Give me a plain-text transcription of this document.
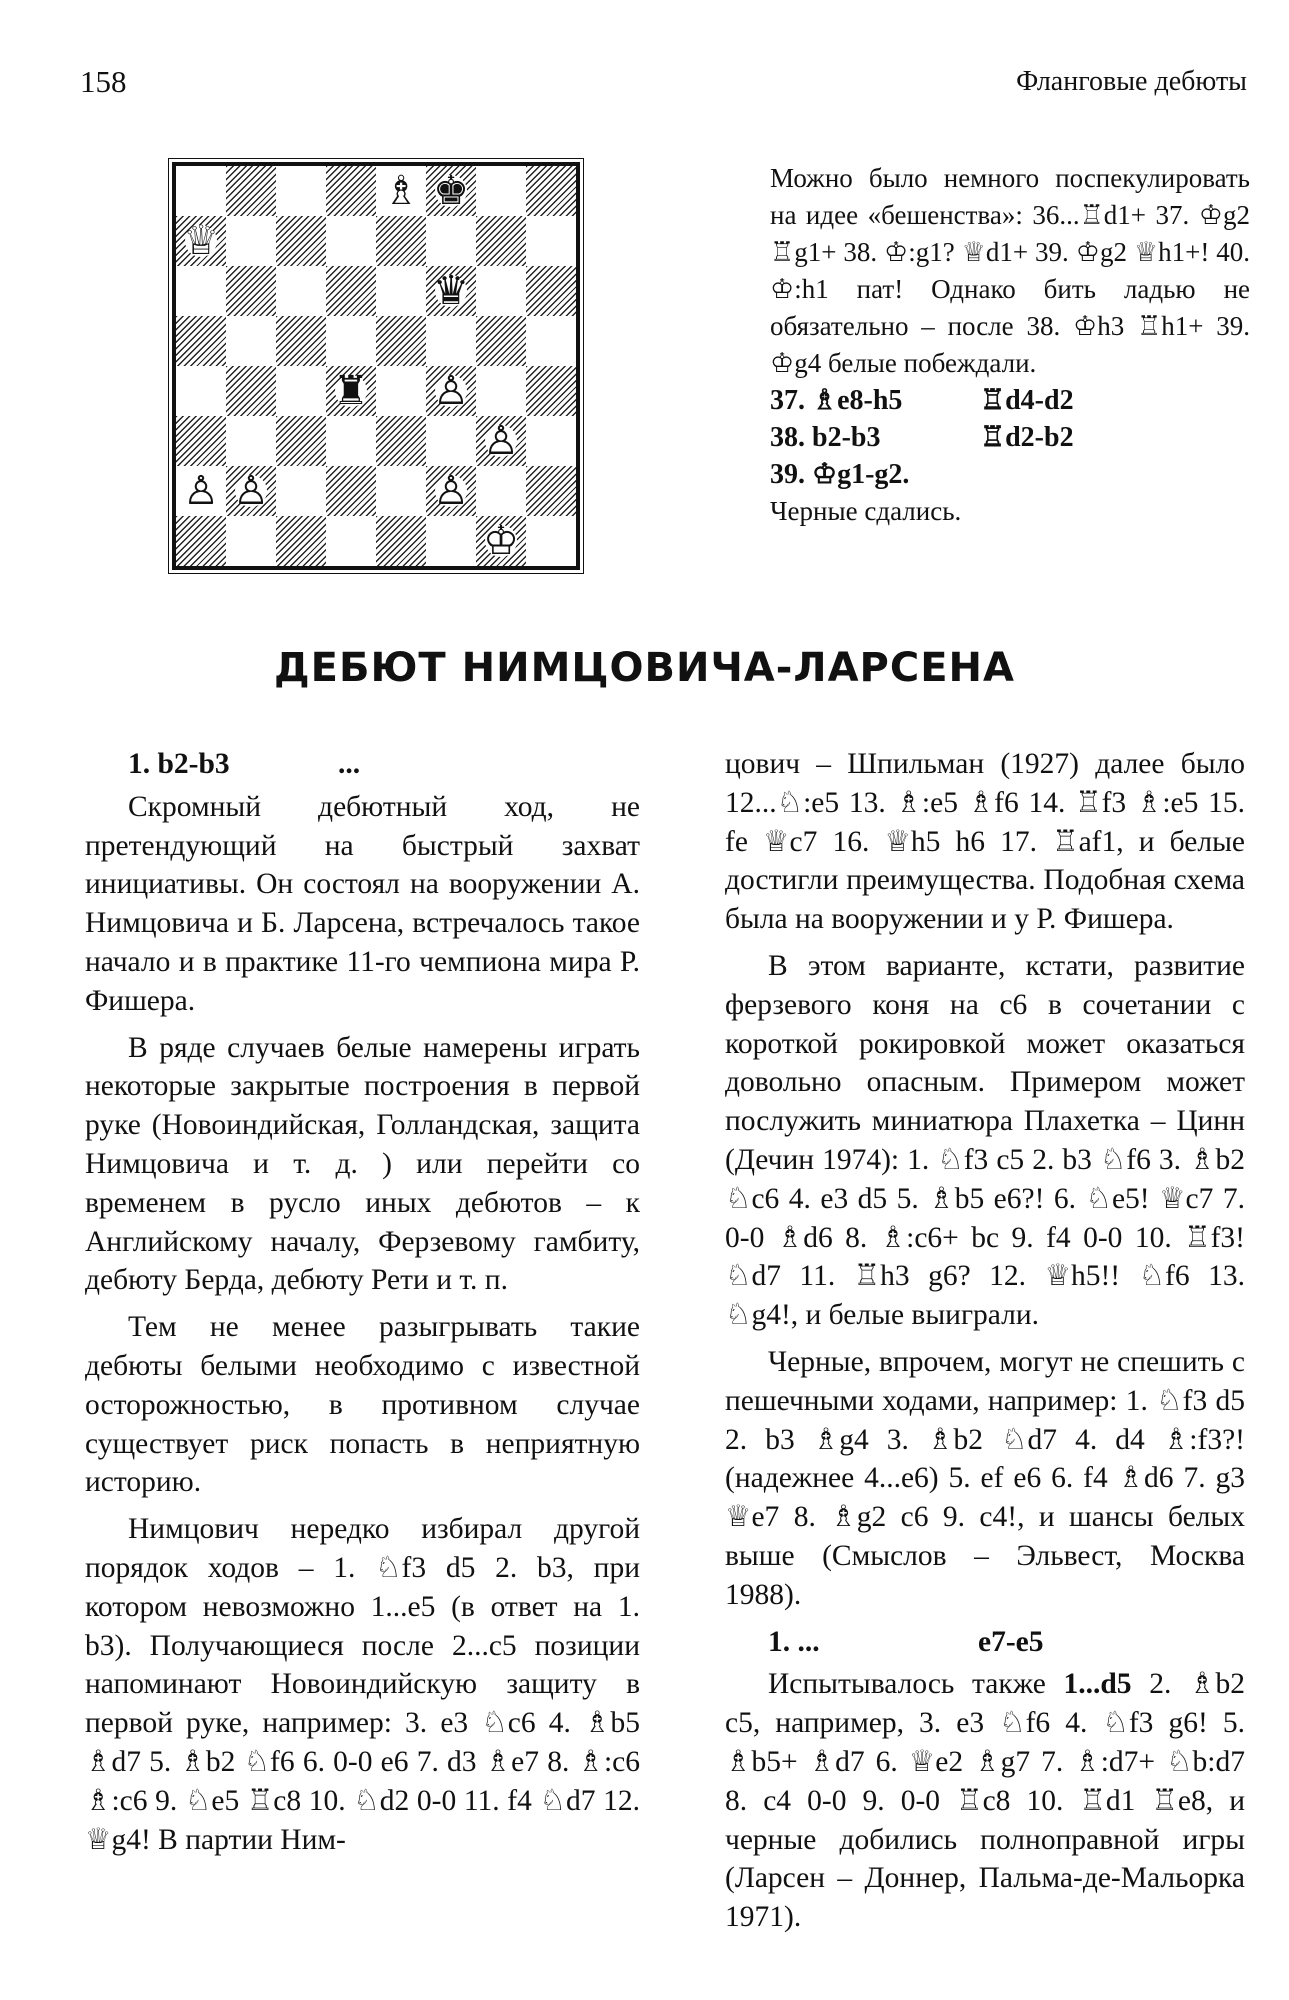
158	Фланговые дебюты
♗ ♚
♕
♛
♜ ♙
♙
♙ ♙	♙
♔

Можно было немного поспекулировать на идее «бешенства»: 36...♖d1+ 37. ♔g2 ♖g1+ 38. ♔:g1? ♕d1+ 39. ♔g2 ♕h1+! 40. ♔:h1 пат! Однако бить ладью не обязательно – после 38. ♔h3 ♖h1+ 39. ♔g4 белые побеждали.

37. ♗e8-h5	♖d4-d2
38. b2-b3	♖d2-b2
39. ♔g1-g2.

Черные сдались.

ДЕБЮТ НИМЦОВИЧА-ЛАРСЕНА
1. b2-b3	...

Скромный дебютный ход, не претендующий на быстрый захват инициативы. Он состоял на вооружении А. Нимцовича и Б. Ларсена, встречалось такое начало и в практике 11-го чемпиона мира Р. Фишера.

В ряде случаев белые намерены играть некоторые закрытые построения в первой руке (Новоиндийская, Голландская, защита Нимцовича и т. д. ) или перейти со временем в русло иных дебютов – к Английскому началу, Ферзевому гамбиту, дебюту Берда, дебюту Рети и т. п.

Тем не менее разыгрывать такие дебюты белыми необходимо с известной осторожностью, в противном случае существует риск попасть в неприятную историю.

Нимцович нередко избирал другой порядок ходов – 1. ♘f3 d5 2. b3, при котором невозможно 1...e5 (в ответ на 1. b3). Получающиеся после 2...c5 позиции напоминают Новоиндийскую защиту в первой руке, например: 3. e3 ♘c6 4. ♗b5 ♗d7 5. ♗b2 ♘f6 6. 0-0 e6 7. d3 ♗e7 8. ♗:c6 ♗:c6 9. ♘e5 ♖c8 10. ♘d2 0-0 11. f4 ♘d7 12. ♕g4! В партии Ним-

цович – Шпильман (1927) далее было 12...♘:e5 13. ♗:e5 ♗f6 14. ♖f3 ♗:e5 15. fe ♕c7 16. ♕h5 h6 17. ♖af1, и белые достигли преимущества. Подобная схема была на вооружении и у Р. Фишера.

В этом варианте, кстати, развитие ферзевого коня на c6 в сочетании с короткой рокировкой может оказаться довольно опасным. Примером может послужить миниатюра Плахетка – Цинн (Дечин 1974): 1. ♘f3 c5 2. b3 ♘f6 3. ♗b2 ♘c6 4. e3 d5 5. ♗b5 e6?! 6. ♘e5! ♕c7 7. 0-0 ♗d6 8. ♗:c6+ bc 9. f4 0-0 10. ♖f3! ♘d7 11. ♖h3 g6? 12. ♕h5!! ♘f6 13. ♘g4!, и белые выиграли.

Черные, впрочем, могут не спешить с пешечными ходами, например: 1. ♘f3 d5 2. b3 ♗g4 3. ♗b2 ♘d7 4. d4 ♗:f3?! (надежнее 4...e6) 5. ef e6 6. f4 ♗d6 7. g3 ♕e7 8. ♗g2 c6 9. c4!, и шансы белых выше (Смыслов – Эльвест, Москва 1988).

1. ...	e7-e5

Испытывалось также 1...d5 2. ♗b2 c5, например, 3. e3 ♘f6 4. ♘f3 g6! 5. ♗b5+ ♗d7 6. ♕e2 ♗g7 7. ♗:d7+ ♘b:d7 8. c4 0-0 9. 0-0 ♖c8 10. ♖d1 ♖e8, и черные добились полноправной игры (Ларсен – Доннер, Пальма-де-Мальорка 1971).
